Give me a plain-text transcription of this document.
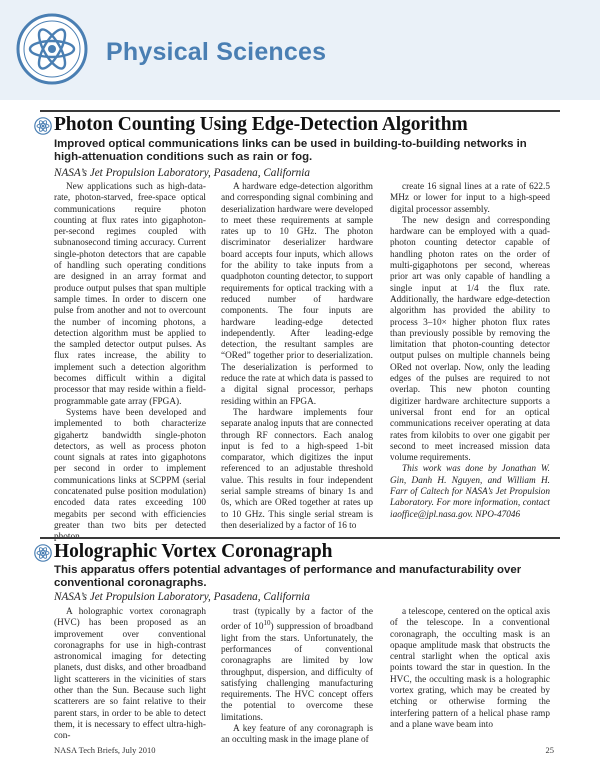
Physical Sciences
Photon Counting Using Edge-Detection Algorithm
Improved optical communications links can be used in building-to-building networks in high-attenuation conditions such as rain or fog.
NASA’s Jet Propulsion Laboratory, Pasadena, California

New applications such as high-data-rate, photon-starved, free-space optical communications require photon counting at flux rates into gigaphoton-per-second regimes coupled with subnanosecond timing accuracy. Current single-photon detectors that are capable of handling such operating conditions are designed in an array format and produce output pulses that span multiple sample times. In order to discern one pulse from another and not to overcount the number of incoming photons, a detection algorithm must be applied to the sampled detector output pulses. As flux rates increase, the ability to implement such a detection algorithm becomes difficult within a digital processor that may reside within a field-programmable gate array (FPGA).

Systems have been developed and implemented to both characterize gigahertz bandwidth single-photon detectors, as well as process photon count signals at rates into gigaphotons per second in order to implement communications links at SCPPM (serial concatenated pulse position modulation) encoded data rates exceeding 100 megabits per second with efficiencies greater than two bits per detected

A hardware edge-detection algorithm and corresponding signal combining and deserialization hardware were developed to meet these requirements at sample rates up to 10 GHz. The photon discriminator deserializer hardware board accepts four inputs, which allows for the ability to take inputs from a quadphoton counting detector, to support requirements for optical tracking with a reduced number of hardware components. The four inputs are hardware leading-edge detected independently. After leading-edge detection, the resultant samples are “ORed” together prior to deserialization. The deserialization is performed to reduce the rate at which data is passed to a digital signal processor, perhaps residing within an FPGA.

The hardware implements four separate analog inputs that are connected through RF connectors. Each analog input is fed to a high-speed 1-bit comparator, which digitizes the input referenced to an adjustable threshold value. This results in four independent serial sample streams of binary 1s and 0s, which are ORed together at rates up to 10 GHz. This single serial stream is then deserialized by a factor of 16 to

create 16 signal lines at a rate of 622.5 MHz or lower for input to a high-speed digital processor assembly.

The new design and corresponding hardware can be employed with a quad-photon counting detector capable of handling photon rates on the order of multi-gigaphotons per second, whereas prior art was only capable of handling a single input at 1/4 the flux rate. Additionally, the hardware edge-detection algorithm has provided the ability to process 3–10× higher photon flux rates than previously possible by removing the limitation that photon-counting detector output pulses on multiple channels being ORed not overlap. Now, only the leading edges of the pulses are required to not overlap. This new photon counting digitizer hardware architecture supports a universal front end for an optical communications receiver operating at data rates from kilobits to over one gigabit per second to meet increased mission data volume requirements.

This work was done by Jonathan W. Gin, Danh H. Nguyen, and William H. Farr of Caltech for NASA’s Jet Propulsion Laboratory. For more information, contact iaoffice@jpl.nasa.gov. NPO-47046

Holographic Vortex Coronagraph
This apparatus offers potential advantages of performance and manufacturability over conventional coronagraphs.
NASA’s Jet Propulsion Laboratory, Pasadena, California

A holographic vortex coronagraph (HVC) has been proposed as an improvement over conventional coronagraphs for use in high-contrast astronomical imaging for detecting planets, dust disks, and other broadband light scatterers in the vicinities of stars other than the Sun. Because such light scatterers are so faint relative to their parent stars, in order to be able to detect them, it is necessary to effect ultra-high-con-

trast (typically by a factor of the order of $10^{10}$) suppression of broadband light from the stars. Unfortunately, the performances of conventional coronagraphs are limited by low throughput, dispersion, and difficulty of satisfying challenging manufacturing requirements. The HVC concept offers the potential to overcome these limitations.

A key feature of any coronagraph is an occulting mask in the image plane of

a telescope, centered on the optical axis of the telescope. In a conventional coronagraph, the occulting mask is an opaque amplitude mask that obstructs the central starlight when the optical axis points toward the star in question. In the HVC, the occulting mask is a holographic vortex grating, which may be created by etching or otherwise forming the interfering pattern of a helical phase ramp and a plane wave beam into

NASA Tech Briefs, July 2010	25
